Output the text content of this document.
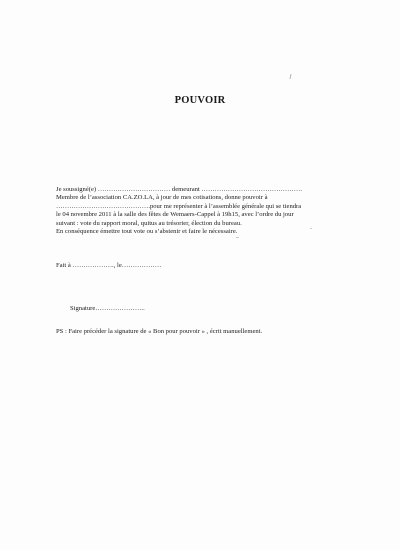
POUVOIR
Je soussigné(e) …………………………… demeurant ……………………………………….
Membre de l’association CA.ZO.LA, à jour de mes cotisations, donne pouvoir à
…………………………………….pour me représenter à l’assemblée générale qui se tiendra
le 04 novembre 2011 à la salle des fêtes de Wemaers-Cappel à 19h15, avec l’ordre du jour
suivant : vote du rapport moral, quitus au trésorier, élection du bureau.
En conséquence émettre tout vote ou s’abstenir et faire le nécessaire.
Fait à ………………., le………………
Signature…………………..
PS : Faire précéder la signature de « Bon pour pouvoir » , écrit manuellement.
